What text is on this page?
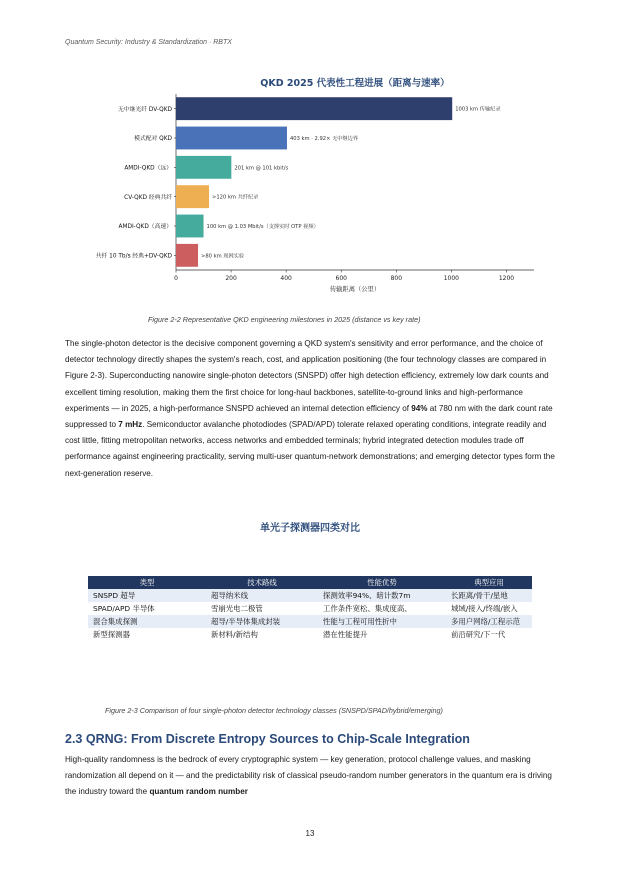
Quantum Security: Industry & Standardization · RBTX
QKD 2025 代表性工程进展（距离与速率）
无中继光纤 DV-QKD	1003 km 传输纪录
模式配对 QKD	403 km · 2.92× 无中继边界
AMDI-QKD（远）	201 km @ 101 kbit/s
CV-QKD 经典共纤	>120 km 共纤纪录
AMDI-QKD（高速）	100 km @ 1.03 Mbit/s（支撑实时 OTP 视频）
共纤 10 Tb/s 经典+DV-QKD	>80 km 现网实验
0	200	400	600	800	1000	1200
传输距离（公里）
Figure 2-2 Representative QKD engineering milestones in 2025 (distance vs key rate)
The single-photon detector is the decisive component governing a QKD system's sensitivity and error performance, and the choice of detector technology directly shapes the system's reach, cost, and application positioning (the four technology classes are compared in Figure 2-3). Superconducting nanowire single-photon detectors (SNSPD) offer high detection efficiency, extremely low dark counts and excellent timing resolution, making them the first choice for long-haul backbones, satellite-to-ground links and high-performance experiments — in 2025, a high-performance SNSPD achieved an internal detection efficiency of 94% at 780 nm with the dark count rate suppressed to 7 mHz. Semiconductor avalanche photodiodes (SPAD/APD) tolerate relaxed operating conditions, integrate readily and cost little, fitting metropolitan networks, access networks and embedded terminals; hybrid integrated detection modules trade off performance against engineering practicality, serving multi-user quantum-network demonstrations; and emerging detector types form the next-generation reserve.
单光子探测器四类对比
类型	技术路线	性能优势	典型应用
SNSPD 超导	超导纳米线	探测效率94%、暗计数7m	长距离/骨干/星地
SPAD/APD 半导体	雪崩光电二极管	工作条件宽松、集成度高、	城域/接入/终端/嵌入
混合集成探测	超导/半导体集成封装	性能与工程可用性折中	多用户网络/工程示范
新型探测器	新材料/新结构	潜在性能提升	前沿研究/下一代
Figure 2-3 Comparison of four single-photon detector technology classes (SNSPD/SPAD/hybrid/emerging)
2.3 QRNG: From Discrete Entropy Sources to Chip-Scale Integration
High-quality randomness is the bedrock of every cryptographic system — key generation, protocol challenge values, and masking randomization all depend on it — and the predictability risk of classical pseudo-random number generators in the quantum era is driving the industry toward the quantum random number
13
